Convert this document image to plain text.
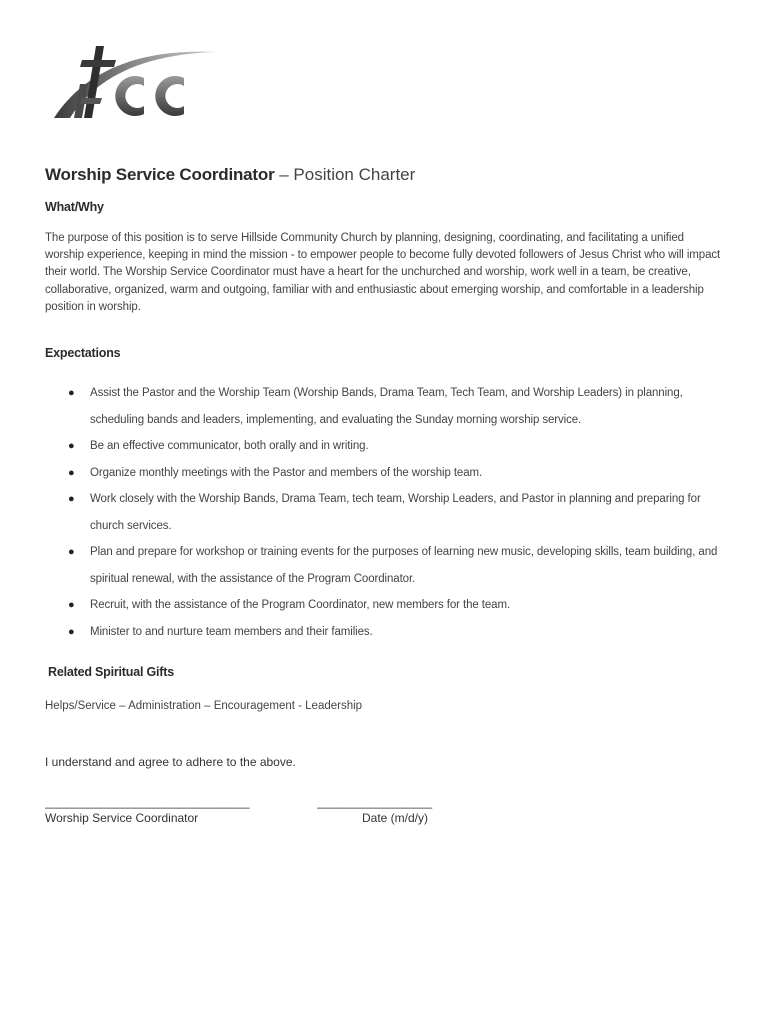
Worship Service Coordinator – Position Charter
What/Why
The purpose of this position is to serve Hillside Community Church by planning, designing, coordinating, and facilitating a unified worship experience, keeping in mind the mission - to empower people to become fully devoted followers of Jesus Christ who will impact their world. The Worship Service Coordinator must have a heart for the unchurched and worship, work well in a team, be creative, collaborative, organized, warm and outgoing, familiar with and enthusiastic about emerging worship, and comfortable in a leadership position in worship.
Expectations
● Assist the Pastor and the Worship Team (Worship Bands, Drama Team, Tech Team, and Worship Leaders) in planning, scheduling bands and leaders, implementing, and evaluating the Sunday morning worship service.
● Be an effective communicator, both orally and in writing.
● Organize monthly meetings with the Pastor and members of the worship team.
● Work closely with the Worship Bands, Drama Team, tech team, Worship Leaders, and Pastor in planning and preparing for church services.
● Plan and prepare for workshop or training events for the purposes of learning new music, developing skills, team building, and spiritual renewal, with the assistance of the Program Coordinator.
● Recruit, with the assistance of the Program Coordinator, new members for the team.
● Minister to and nurture team members and their families.
Related Spiritual Gifts
Helps/Service – Administration – Encouragement - Leadership
I understand and agree to adhere to the above.
________________________________	__________________
Worship Service Coordinator	Date (m/d/y)
